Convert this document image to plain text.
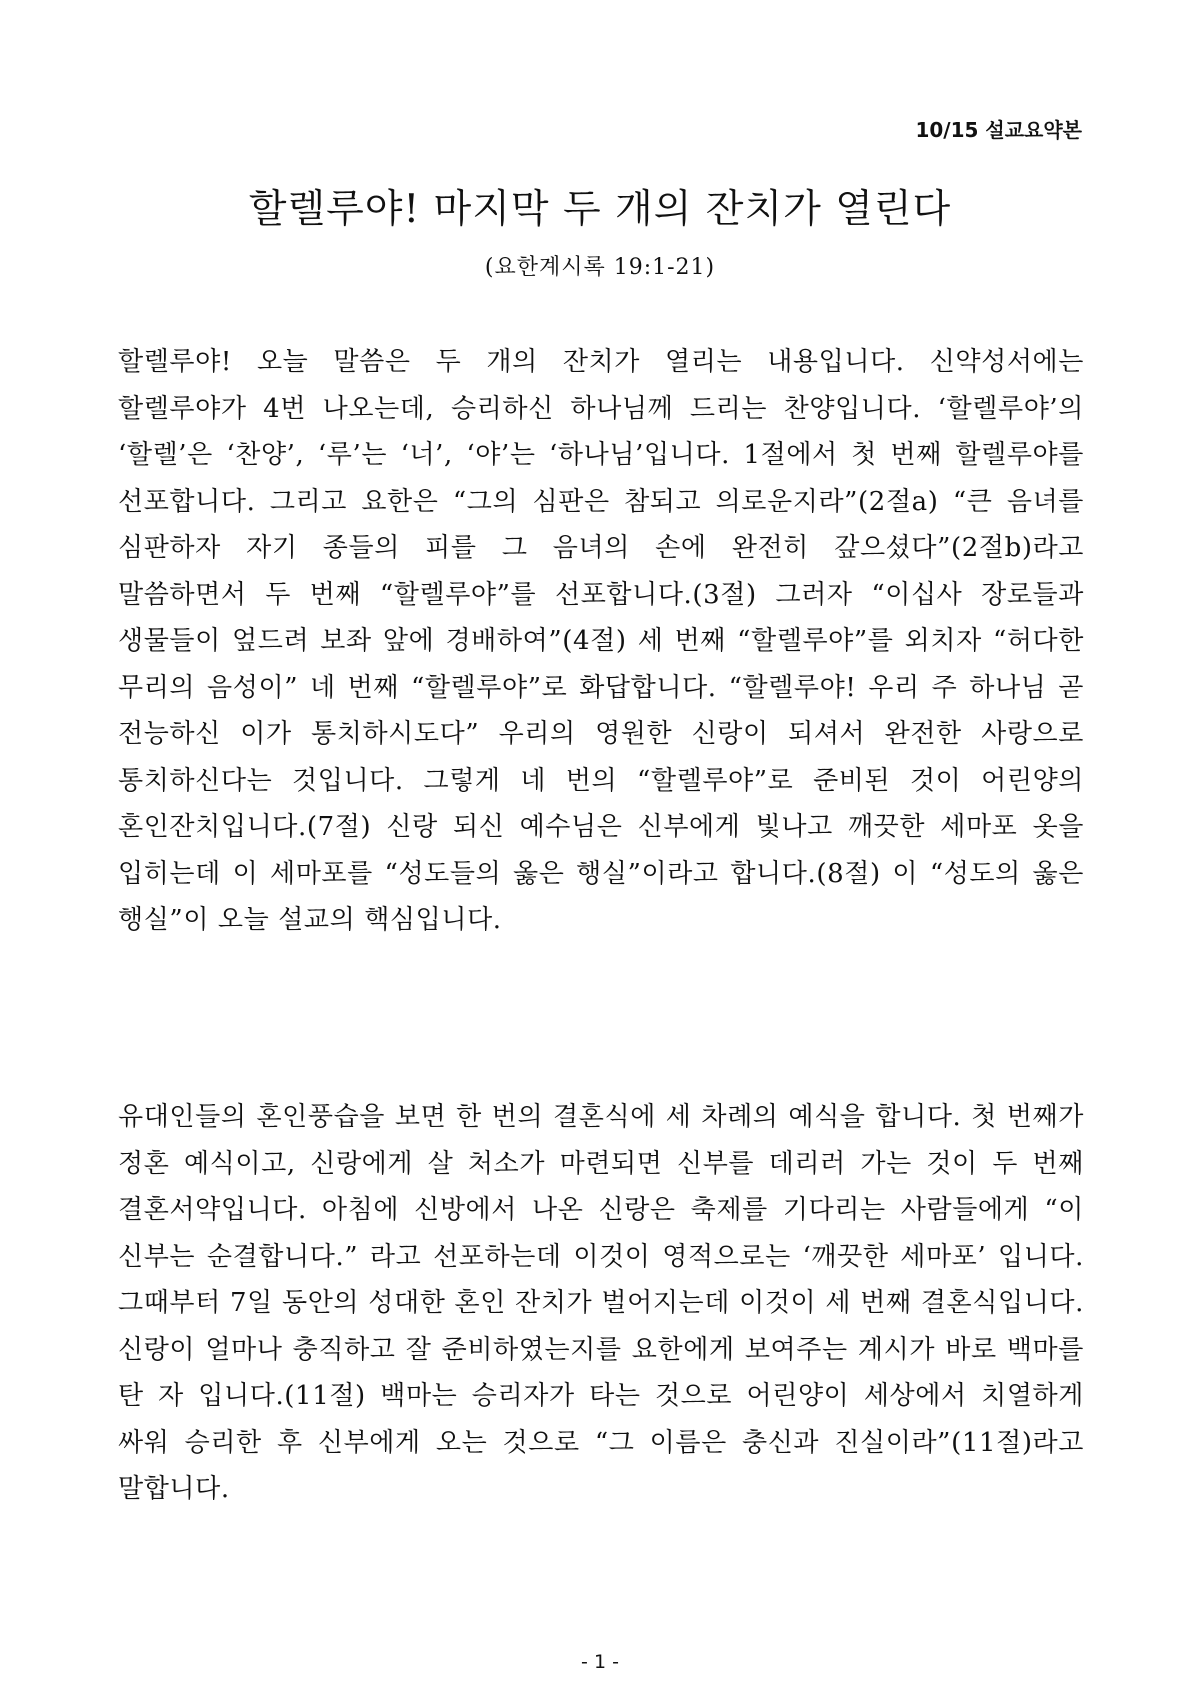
10/15 설교요약본
할렐루야! 마지막 두 개의 잔치가 열린다
(요한계시록 19:1-21)

할렐루야! 오늘 말씀은 두 개의 잔치가 열리는 내용입니다. 신약성서에는 할렐루야가 4번 나오는데, 승리하신 하나님께 드리는 찬양입니다. ‘할렐루야’의 ‘할렐’은 ‘찬양’, ‘루’는 ‘너’, ‘야’는 ‘하나님’입니다. 1절에서 첫 번째 할렐루야를 선포합니다. 그리고 요한은 “그의 심판은 참되고 의로운지라”(2절a) “큰 음녀를 심판하자 자기 종들의 피를 그 음녀의 손에 완전히 갚으셨다”(2절b)라고 말씀하면서 두 번째 “할렐루야”를 선포합니다.(3절) 그러자 “이십사 장로들과 생물들이 엎드려 보좌 앞에 경배하여”(4절) 세 번째 “할렐루야”를 외치자 “허다한 무리의 음성이” 네 번째 “할렐루야”로 화답합니다. “할렐루야! 우리 주 하나님 곧 전능하신 이가 통치하시도다” 우리의 영원한 신랑이 되셔서 완전한 사랑으로 통치하신다는 것입니다. 그렇게 네 번의 “할렐루야”로 준비된 것이 어린양의 혼인잔치입니다.(7절) 신랑 되신 예수님은 신부에게 빛나고 깨끗한 세마포 옷을 입히는데 이 세마포를 “성도들의 옳은 행실”이라고 합니다.(8절) 이 “성도의 옳은 행실”이 오늘 설교의 핵심입니다.

유대인들의 혼인풍습을 보면 한 번의 결혼식에 세 차례의 예식을 합니다. 첫 번째가 정혼 예식이고, 신랑에게 살 처소가 마련되면 신부를 데리러 가는 것이 두 번째 결혼서약입니다. 아침에 신방에서 나온 신랑은 축제를 기다리는 사람들에게 “이 신부는 순결합니다.” 라고 선포하는데 이것이 영적으로는 ‘깨끗한 세마포’ 입니다. 그때부터 7일 동안의 성대한 혼인 잔치가 벌어지는데 이것이 세 번째 결혼식입니다. 신랑이 얼마나 충직하고 잘 준비하였는지를 요한에게 보여주는 계시가 바로 백마를 탄 자 입니다.(11절) 백마는 승리자가 타는 것으로 어린양이 세상에서 치열하게 싸워 승리한 후 신부에게 오는 것으로 “그 이름은 충신과 진실이라”(11절)라고 말합니다.

- 1 -
